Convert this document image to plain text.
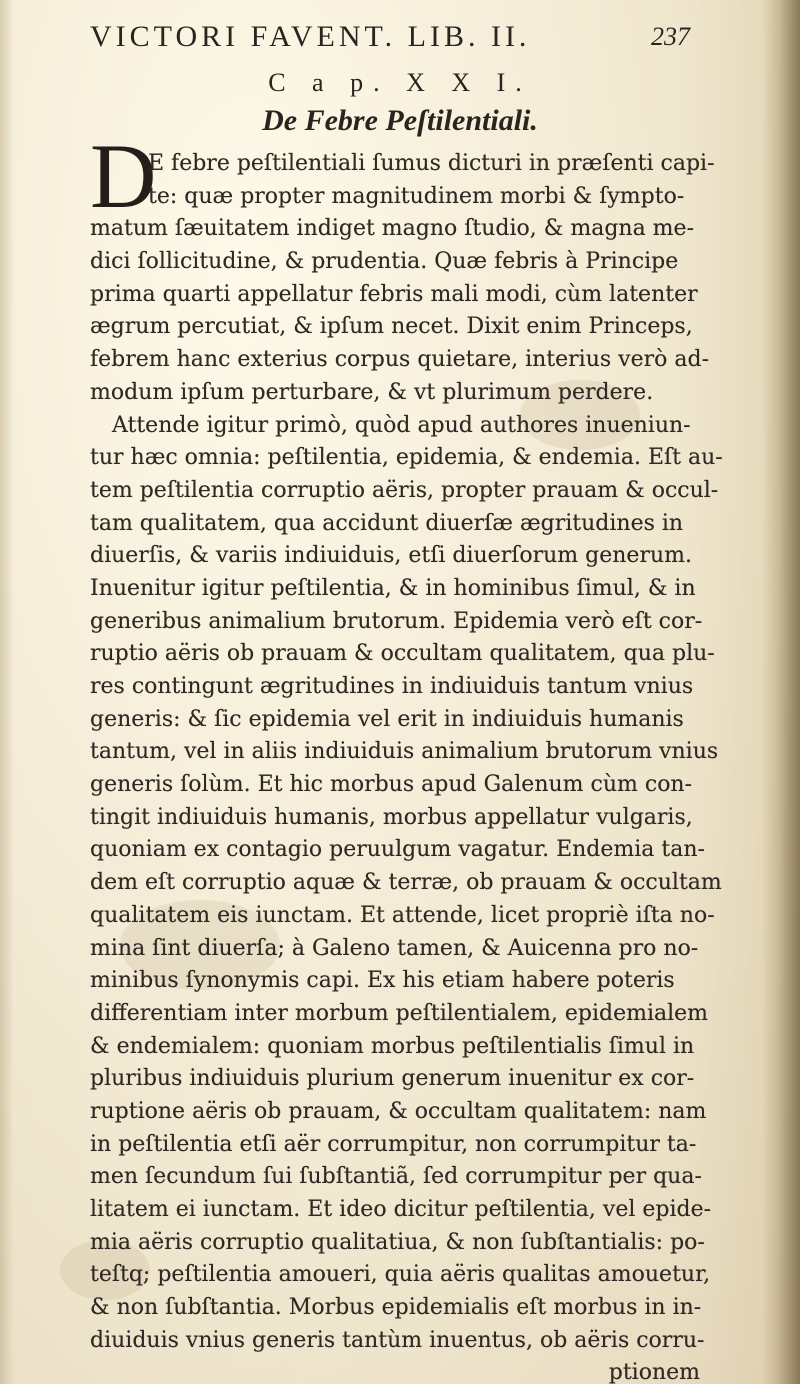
VICTORI FAVENT. LIB. II.	237
C a p. X X I.
De Febre Peſtilentiali.
D
E febre peſtilentiali ſumus dicturi in præſenti capi-
te: quæ propter magnitudinem morbi & ſympto-
matum ſæuitatem indiget magno ſtudio, & magna me-
dici ſollicitudine, & prudentia. Quæ febris à Principe
prima quarti appellatur febris mali modi, cùm latenter
ægrum percutiat, & ipſum necet. Dixit enim Princeps,
febrem hanc exterius corpus quietare, interius verò ad-
modum ipſum perturbare, & vt plurimum perdere.
Attende igitur primò, quòd apud authores inueniun-
tur hæc omnia: peſtilentia, epidemia, & endemia. Eſt au-
tem peſtilentia corruptio aëris, propter prauam & occul-
tam qualitatem, qua accidunt diuerſæ ægritudines in
diuerſis, & variis indiuiduis, etſi diuerſorum generum.
Inuenitur igitur peſtilentia, & in hominibus ſimul, & in
generibus animalium brutorum. Epidemia verò eſt cor-
ruptio aëris ob prauam & occultam qualitatem, qua plu-
res contingunt ægritudines in indiuiduis tantum vnius
generis: & ſic epidemia vel erit in indiuiduis humanis
tantum, vel in aliis indiuiduis animalium brutorum vnius
generis ſolùm. Et hic morbus apud Galenum cùm con-
tingit indiuiduis humanis, morbus appellatur vulgaris,
quoniam ex contagio peruulgum vagatur. Endemia tan-
dem eſt corruptio aquæ & terræ, ob prauam & occultam
qualitatem eis iunctam. Et attende, licet propriè iſta no-
mina ſint diuerſa; à Galeno tamen, & Auicenna pro no-
minibus ſynonymis capi. Ex his etiam habere poteris
differentiam inter morbum peſtilentialem, epidemialem
& endemialem: quoniam morbus peſtilentialis ſimul in
pluribus indiuiduis plurium generum inuenitur ex cor-
ruptione aëris ob prauam, & occultam qualitatem: nam
in peſtilentia etſi aër corrumpitur, non corrumpitur ta-
men ſecundum ſui ſubſtantiã, ſed corrumpitur per qua-
litatem ei iunctam. Et ideo dicitur peſtilentia, vel epide-
mia aëris corruptio qualitatiua, & non ſubſtantialis: po-
teſtq; peſtilentia amoueri, quia aëris qualitas amouetur,
& non ſubſtantia. Morbus epidemialis eſt morbus in in-
diuiduis vnius generis tantùm inuentus, ob aëris corru-
ptionem
